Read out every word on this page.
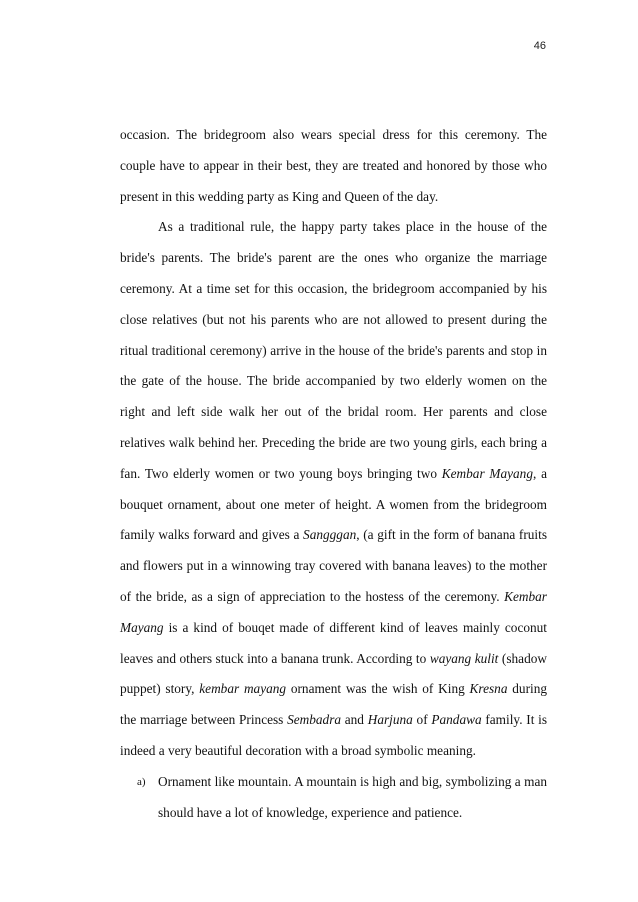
46

occasion. The bridegroom also wears special dress for this ceremony. The couple have to appear in their best, they are treated and honored by those who present in this wedding party as King and Queen of the day.

As a traditional rule, the happy party takes place in the house of the bride's parents. The bride's parent are the ones who organize the marriage ceremony. At a time set for this occasion, the bridegroom accompanied by his close relatives (but not his parents who are not allowed to present during the ritual traditional ceremony) arrive in the house of the bride's parents and stop in the gate of the house. The bride accompanied by two elderly women on the right and left side walk her out of the bridal room. Her parents and close relatives walk behind her. Preceding the bride are two young girls, each bring a fan. Two elderly women or two young boys bringing two Kembar Mayang, a bouquet ornament, about one meter of height. A women from the bridegroom family walks forward and gives a Sangggan, (a gift in the form of banana fruits and flowers put in a winnowing tray covered with banana leaves) to the mother of the bride, as a sign of appreciation to the hostess of the ceremony. Kembar Mayang is a kind of bouqet made of different kind of leaves mainly coconut leaves and others stuck into a banana trunk. According to wayang kulit (shadow puppet) story, kembar mayang ornament was the wish of King Kresna during the marriage between Princess Sembadra and Harjuna of Pandawa family. It is indeed a very beautiful decoration with a broad symbolic meaning.

a) Ornament like mountain. A mountain is high and big, symbolizing a man should have a lot of knowledge, experience and patience.
